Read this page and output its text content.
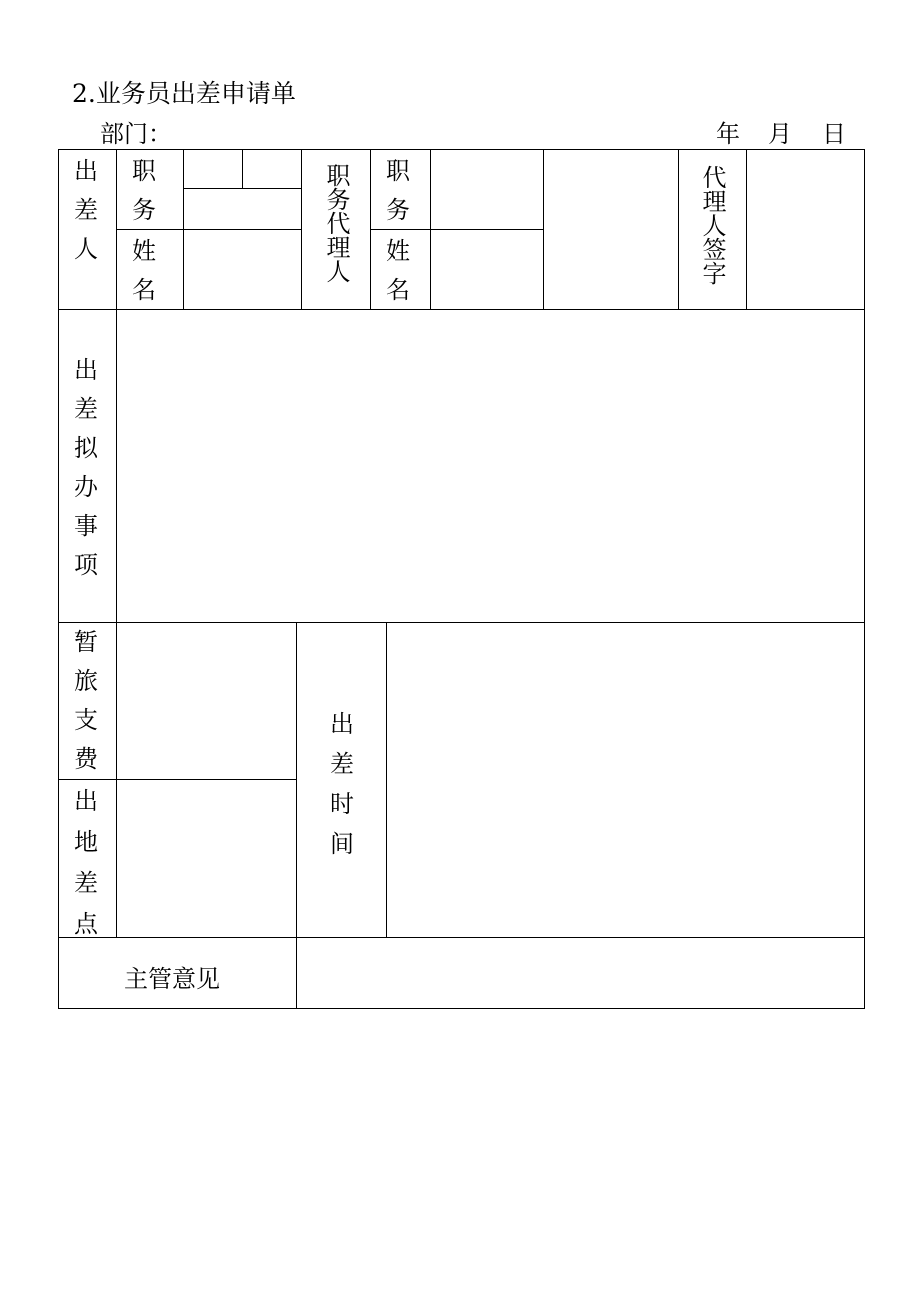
2.业务员出差申请单
部门：	年 月 日
出差人
职务
姓名
职务代理人 职务
姓名
代理人签字
出差拟办事项
暂旅支费
出地差点
出差时间
主管意见
